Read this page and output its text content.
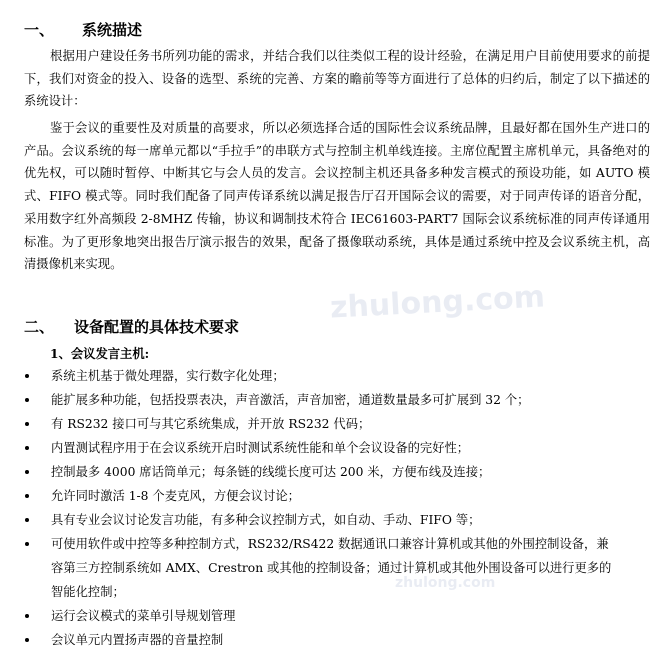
一、 系统描述

根据用户建设任务书所列功能的需求，并结合我们以往类似工程的设计经验，在满足用户目前使用要求的前提下，我们对资金的投入、设备的选型、系统的完善、方案的瞻前等等方面进行了总体的归约后，制定了以下描述的系统设计：

鉴于会议的重要性及对质量的高要求，所以必须选择合适的国际性会议系统品牌，且最好都在国外生产进口的产品。会议系统的每一席单元都以“手拉手”的串联方式与控制主机单线连接。主席位配置主席机单元，具备绝对的优先权，可以随时暂停、中断其它与会人员的发言。会议控制主机还具备多种发言模式的预设功能，如 AUTO 模式、FIFO 模式等。同时我们配备了同声传译系统以满足报告厅召开国际会议的需要，对于同声传译的语音分配，采用数字红外高频段 2-8MHZ 传输，协议和调制技术符合 IEC61603-PART7 国际会议系统标准的同声传译通用标准。为了更形象地突出报告厅演示报告的效果，配备了摄像联动系统，具体是通过系统中控及会议系统主机，高清摄像机来实现。

二、 设备配置的具体技术要求
1、会议发言主机:
系统主机基于微处理器，实行数字化处理；
能扩展多种功能，包括投票表决，声音激活，声音加密，通道数量最多可扩展到 32 个；
有 RS232 接口可与其它系统集成，并开放 RS232 代码；
内置测试程序用于在会议系统开启时测试系统性能和单个会议设备的完好性；
控制最多 4000 席话筒单元；每条链的线缆长度可达 200 米，方便布线及连接；
允许同时激活 1-8 个麦克风，方便会议讨论；
具有专业会议讨论发言功能，有多种会议控制方式，如自动、手动、FIFO 等；
可使用软件或中控等多种控制方式，RS232/RS422 数据通讯口兼容计算机或其他的外围控制设备，兼
容第三方控制系统如 AMX、Crestron 或其他的控制设备；通过计算机或其他外围设备可以进行更多的
智能化控制；
运行会议模式的菜单引导规划管理
会议单元内置扬声器的音量控制
zhulong.com
zhulong.com
